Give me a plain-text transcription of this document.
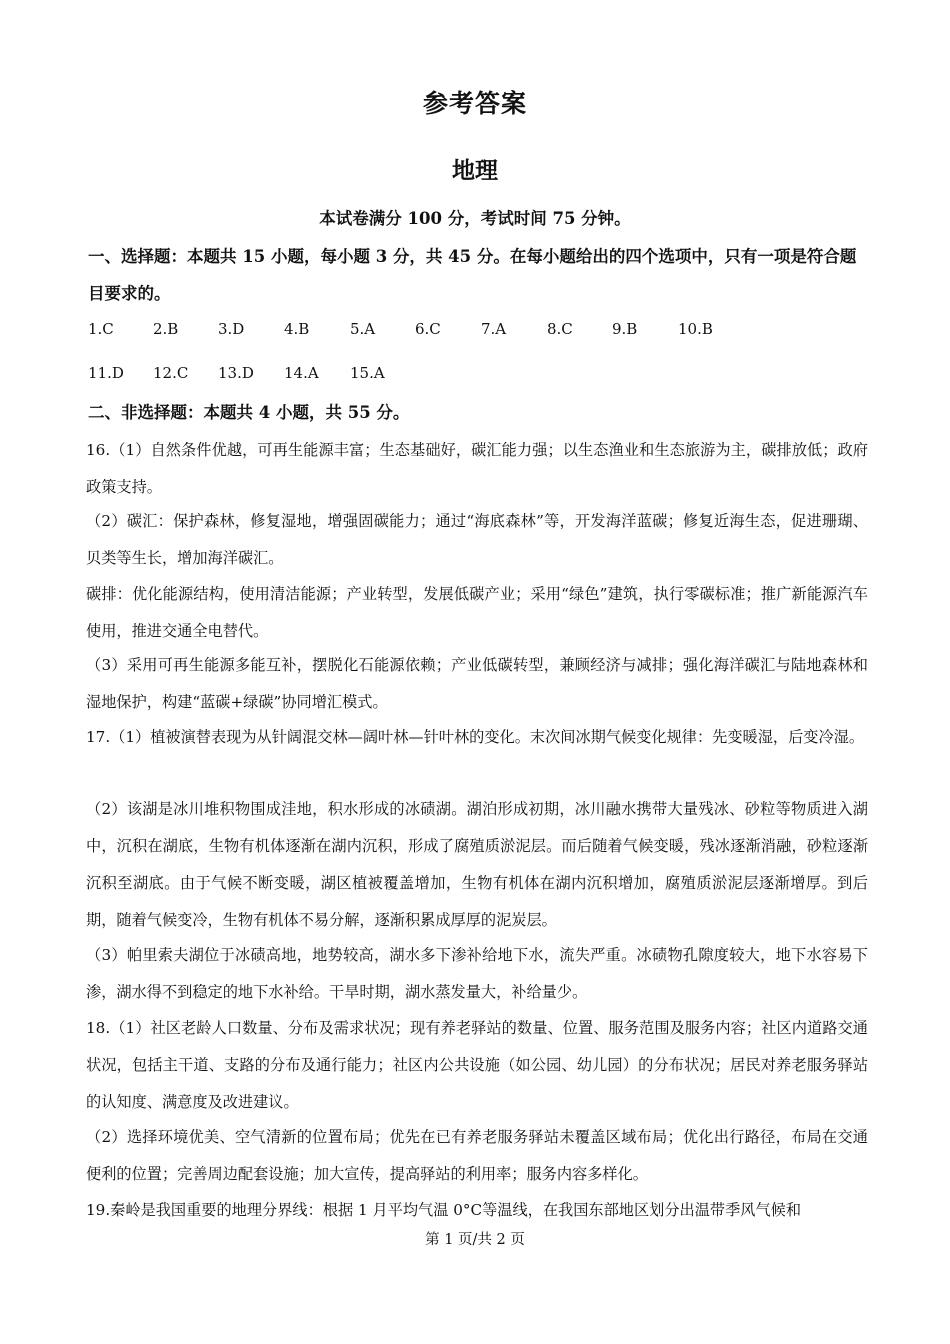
参考答案
地理
本试卷满分 100 分，考试时间 75 分钟。
一、选择题：本题共 15 小题，每小题 3 分，共 45 分。在每小题给出的四个选项中，只有一项是符合题目要求的。
1.C	2.B	3.D	4.B	5.A	6.C	7.A	8.C	9.B	10.B
11.D 12.C 13.D 14.A 15.A
二、非选择题：本题共 4 小题，共 55 分。
16.（1）自然条件优越，可再生能源丰富；生态基础好，碳汇能力强；以生态渔业和生态旅游为主，碳排放低；政府政策支持。
（2）碳汇：保护森林，修复湿地，增强固碳能力；通过“海底森林”等，开发海洋蓝碳；修复近海生态，促进珊瑚、贝类等生长，增加海洋碳汇。
碳排：优化能源结构，使用清洁能源；产业转型，发展低碳产业；采用“绿色”建筑，执行零碳标准；推广新能源汽车使用，推进交通全电替代。
（3）采用可再生能源多能互补，摆脱化石能源依赖；产业低碳转型，兼顾经济与减排；强化海洋碳汇与陆地森林和湿地保护，构建“蓝碳+绿碳”协同增汇模式。
17.（1）植被演替表现为从针阔混交林—阔叶林—针叶林的变化。末次间冰期气候变化规律：先变暖湿，后变冷湿。
（2）该湖是冰川堆积物围成洼地，积水形成的冰碛湖。湖泊形成初期，冰川融水携带大量残冰、砂粒等物质进入湖中，沉积在湖底，生物有机体逐渐在湖内沉积，形成了腐殖质淤泥层。而后随着气候变暖，残冰逐渐消融，砂粒逐渐沉积至湖底。由于气候不断变暖，湖区植被覆盖增加，生物有机体在湖内沉积增加，腐殖质淤泥层逐渐增厚。到后期，随着气候变冷，生物有机体不易分解，逐渐积累成厚厚的泥炭层。
（3）帕里索夫湖位于冰碛高地，地势较高，湖水多下渗补给地下水，流失严重。冰碛物孔隙度较大，地下水容易下渗，湖水得不到稳定的地下水补给。干旱时期，湖水蒸发量大，补给量少。
18.（1）社区老龄人口数量、分布及需求状况；现有养老驿站的数量、位置、服务范围及服务内容；社区内道路交通状况，包括主干道、支路的分布及通行能力；社区内公共设施（如公园、幼儿园）的分布状况；居民对养老服务驿站的认知度、满意度及改进建议。
（2）选择环境优美、空气清新的位置布局；优先在已有养老服务驿站未覆盖区域布局；优化出行路径，布局在交通便利的位置；完善周边配套设施；加大宣传，提高驿站的利用率；服务内容多样化。
19.秦岭是我国重要的地理分界线：根据 1 月平均气温 0°C等温线，在我国东部地区划分出温带季风气候和
第 1 页/共 2 页
